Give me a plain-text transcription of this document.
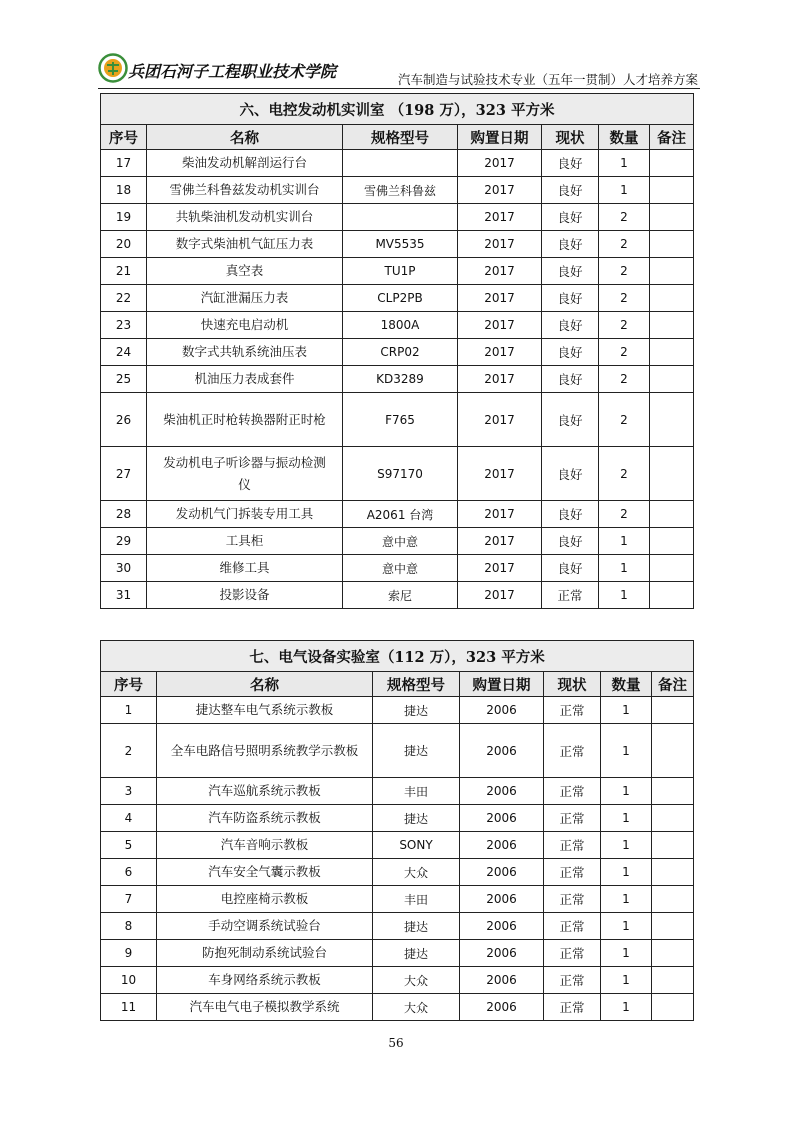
兵团石河子工程职业技术学院	汽车制造与试验技术专业（五年一贯制）人才培养方案
六、电控发动机实训室 （198 万），323 平方米						
序号	名称	规格型号	购置日期	现状	数量	备注
17	柴油发动机解剖运行台		2017	良好	1	
18	雪佛兰科鲁兹发动机实训台	雪佛兰科鲁兹	2017	良好	1	
19	共轨柴油机发动机实训台		2017	良好	2	
20	数字式柴油机气缸压力表	MV5535	2017	良好	2	
21	真空表	TU1P	2017	良好	2	
22	汽缸泄漏压力表	CLP2PB	2017	良好	2	
23	快速充电启动机	1800A	2017	良好	2	
24	数字式共轨系统油压表	CRP02	2017	良好	2	
25	机油压力表成套件	KD3289	2017	良好	2	
26	柴油机正时枪转换器附正时枪	F765	2017	良好	2	
27	发动机电子听诊器与振动检测仪	S97170	2017	良好	2	
28	发动机气门拆装专用工具	A2061 台湾	2017	良好	2	
29	工具柜	意中意	2017	良好	1	
30	维修工具	意中意	2017	良好	1	
31	投影设备	索尼	2017	正常	1	
七、电气设备实验室（112 万），323 平方米						
序号	名称	规格型号	购置日期	现状	数量	备注
1	捷达整车电气系统示教板	捷达	2006	正常	1	
2	全车电路信号照明系统教学示教板	捷达	2006	正常	1	
3	汽车巡航系统示教板	丰田	2006	正常	1	
4	汽车防盗系统示教板	捷达	2006	正常	1	
5	汽车音响示教板	SONY	2006	正常	1	
6	汽车安全气囊示教板	大众	2006	正常	1	
7	电控座椅示教板	丰田	2006	正常	1	
8	手动空调系统试验台	捷达	2006	正常	1	
9	防抱死制动系统试验台	捷达	2006	正常	1	
10	车身网络系统示教板	大众	2006	正常	1	
11	汽车电气电子模拟教学系统	大众	2006	正常	1	
56
